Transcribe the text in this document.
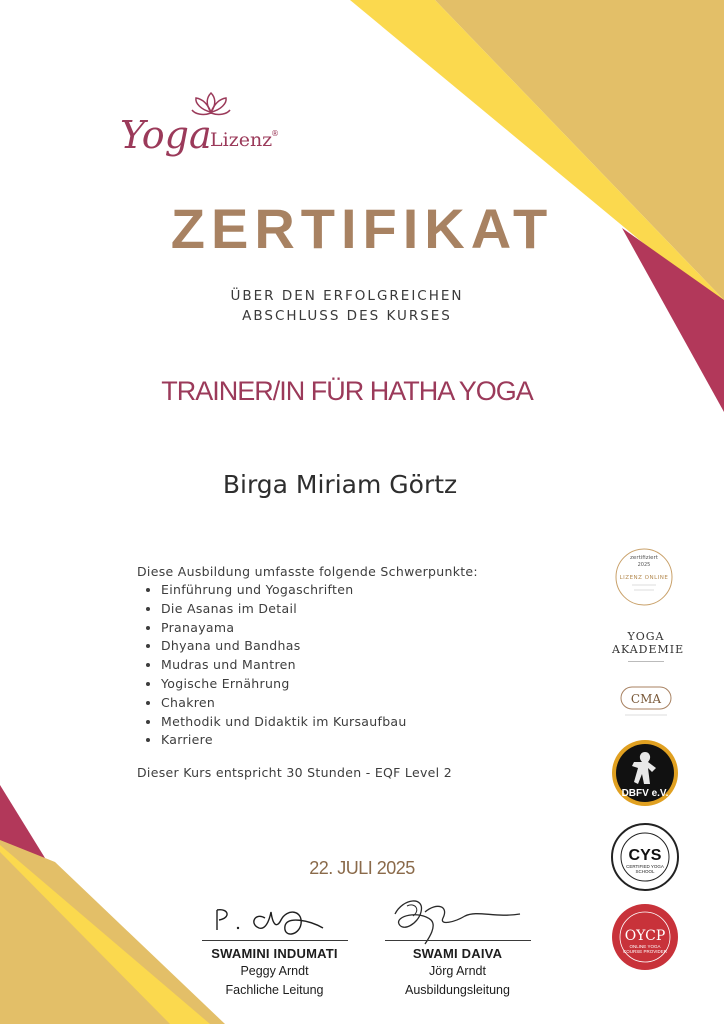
Yoga
Lizenz
®
ZERTIFIKAT
ÜBER DEN ERFOLGREICHEN
ABSCHLUSS DES KURSES
TRAINER/IN FÜR HATHA YOGA
Birga Miriam Görtz
Diese Ausbildung umfasste folgende Schwerpunkte:
• Einführung und Yogaschriften
• Die Asanas im Detail
• Pranayama
• Dhyana und Bandhas
• Mudras und Mantren
• Yogische Ernährung
• Chakren
• Methodik und Didaktik im Kursaufbau
• Karriere
Dieser Kurs entspricht 30 Stunden - EQF Level 2
22. JULI 2025
SWAMINI INDUMATI
Peggy Arndt
Fachliche Leitung
SWAMI DAIVA
Jörg Arndt
Ausbildungsleitung
zertifiziert
2025
LIZENZ ONLINE
YOGA
AKADEMIE
CMA
DBFV e.V.
CYS
CERTIFIED YOGA
SCHOOL
OYCP
ONLINE YOGA
COURSE PROVIDER
